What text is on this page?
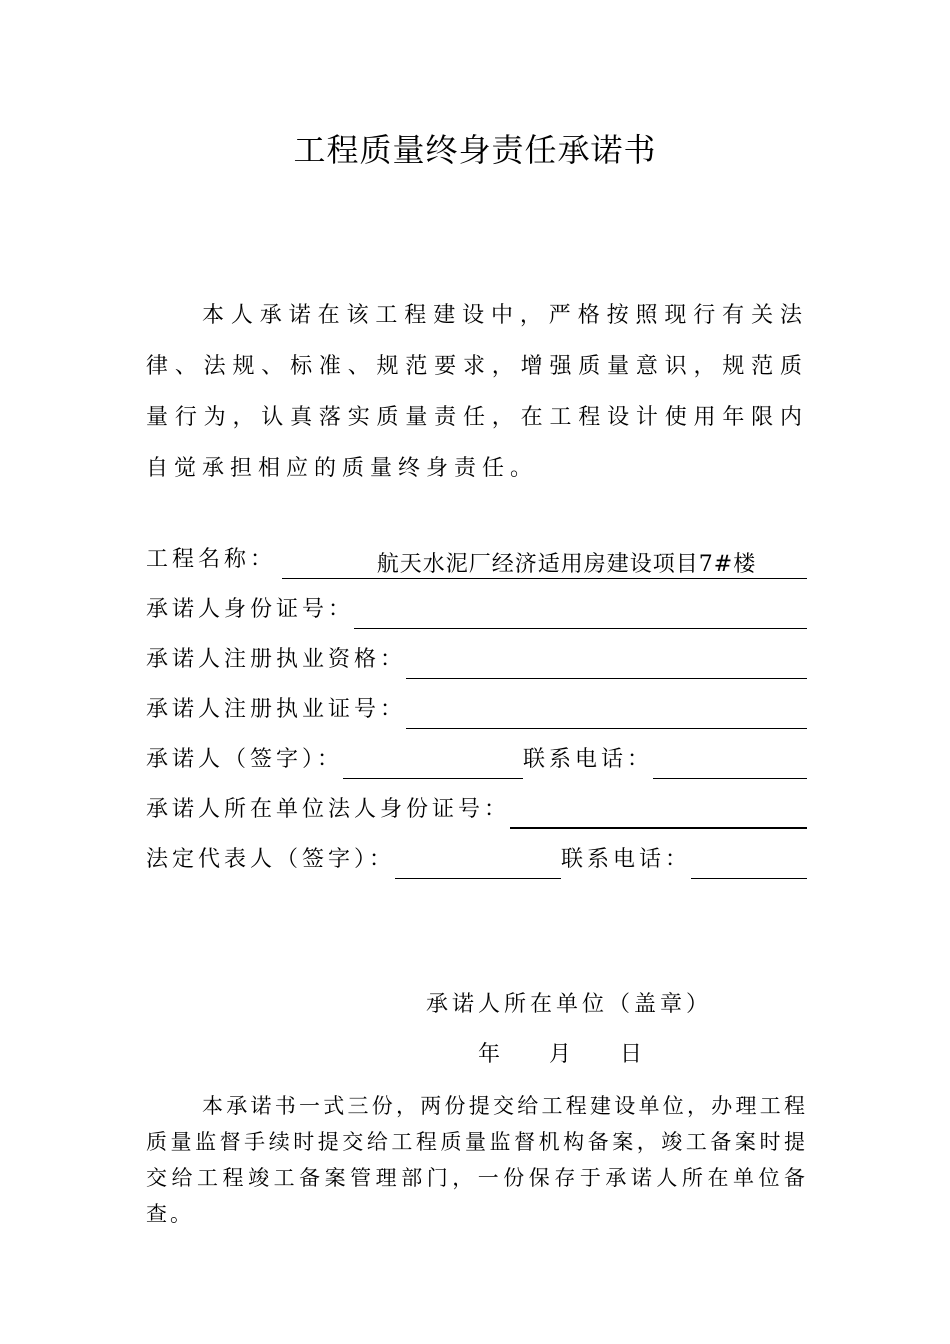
工程质量终身责任承诺书

本人承诺在该工程建设中，严格按照现行有关法律、法规、标准、规范要求，增强质量意识，规范质量行为，认真落实质量责任，在工程设计使用年限内自觉承担相应的质量终身责任。

工程名称：	航天水泥厂经济适用房建设项目7#楼
承诺人身份证号：
承诺人注册执业资格：
承诺人注册执业证号：
承诺人（签字）：	联系电话：
承诺人所在单位法人身份证号：
法定代表人（签字）：	联系电话：
承诺人所在单位（盖章）
年 月 日

本承诺书一式三份，两份提交给工程建设单位，办理工程质量监督手续时提交给工程质量监督机构备案，竣工备案时提交给工程竣工备案管理部门，一份保存于承诺人所在单位备查。
